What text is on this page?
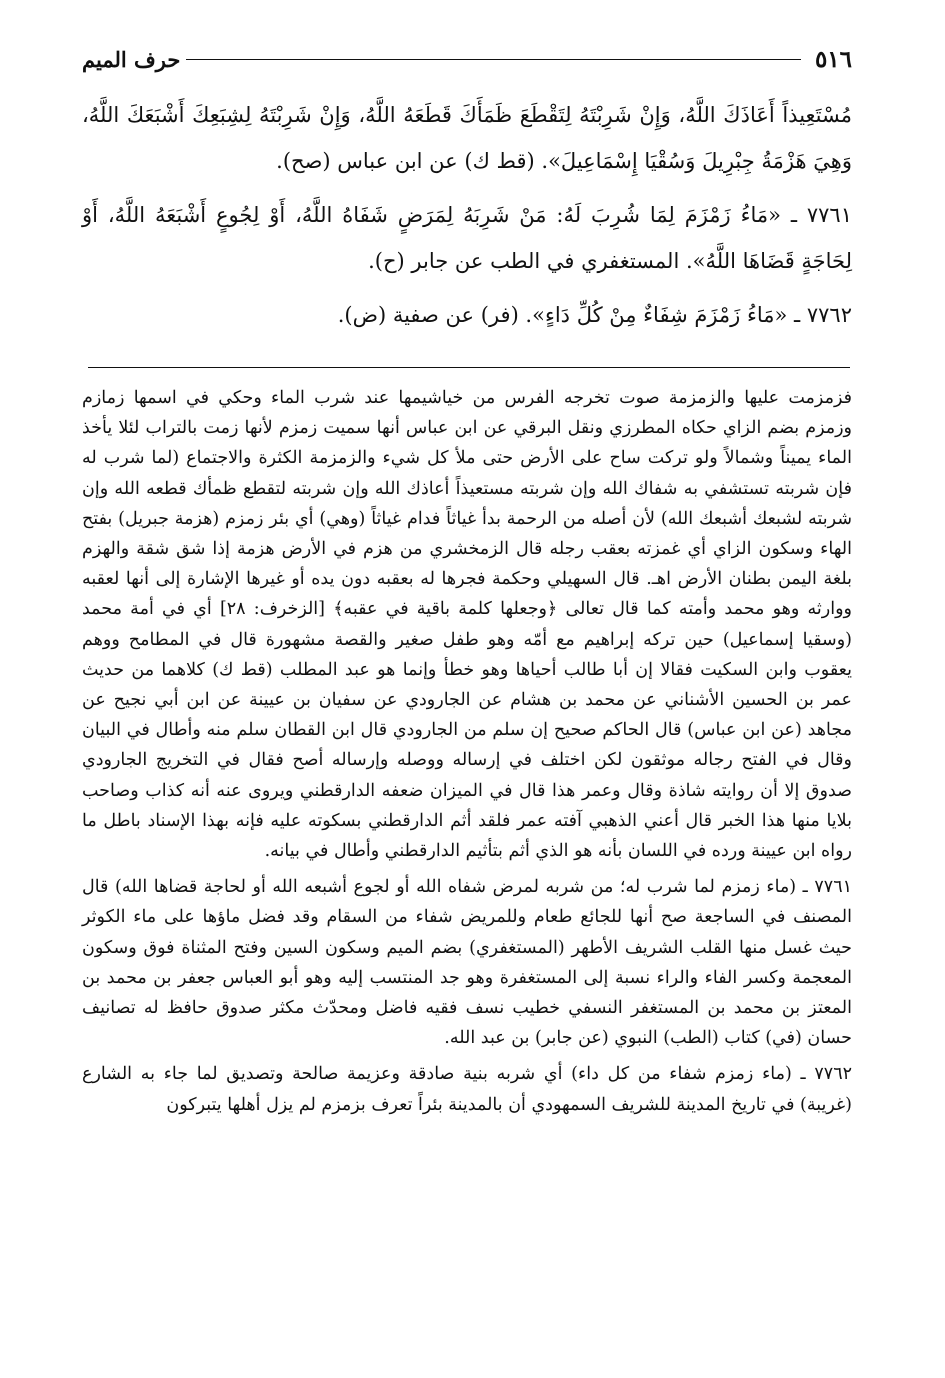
٥١٦
حرف الميم

مُسْتَعِيذاً أَعَاذَكَ اللَّهُ، وَإِنْ شَرِبْتَهُ لِتَقْطَعَ ظَمَأَكَ قَطَعَهُ اللَّهُ، وَإِنْ شَرِبْتَهُ لِشِبَعِكَ أَشْبَعَكَ اللَّهُ، وَهِيَ هَزْمَةُ جِبْرِيلَ وَسُقْيَا إِسْمَاعِيلَ». (قط ك) عن ابن عباس (صح).

٧٧٦١ ـ «مَاءُ زَمْزَمَ لِمَا شُرِبَ لَهُ: مَنْ شَرِبَهُ لِمَرَضٍ شَفَاهُ اللَّهُ، أَوْ لِجُوعٍ أَشْبَعَهُ اللَّهُ، أَوْ لِحَاجَةٍ قَضَاهَا اللَّهُ». المستغفري في الطب عن جابر (ح).

٧٧٦٢ ـ «مَاءُ زَمْزَمَ شِفَاءٌ مِنْ كُلِّ دَاءٍ». (فر) عن صفية (ض).

فزمزمت عليها والزمزمة صوت تخرجه الفرس من خياشيمها عند شرب الماء وحكي في اسمها زمازم وزمزم بضم الزاي حكاه المطرزي ونقل البرقي عن ابن عباس أنها سميت زمزم لأنها زمت بالتراب لئلا يأخذ الماء يميناً وشمالاً ولو تركت ساح على الأرض حتى ملأ كل شيء والزمزمة الكثرة والاجتماع (لما شرب له فإن شربته تستشفي به شفاك الله وإن شربته مستعيذاً أعاذك الله وإن شربته لتقطع ظمأك قطعه الله وإن شربته لشبعك أشبعك الله) لأن أصله من الرحمة بدأ غياثاً فدام غياثاً (وهي) أي بئر زمزم (هزمة جبريل) بفتح الهاء وسكون الزاي أي غمزته بعقب رجله قال الزمخشري من هزم في الأرض هزمة إذا شق شقة والهزم بلغة اليمن بطنان الأرض اهـ. قال السهيلي وحكمة فجرها له بعقبه دون يده أو غيرها الإشارة إلى أنها لعقبه ووارثه وهو محمد وأمته كما قال تعالى ﴿وجعلها كلمة باقية في عقبه﴾ [الزخرف: ٢٨] أي في أمة محمد (وسقيا إسماعيل) حين تركه إبراهيم مع أمّه وهو طفل صغير والقصة مشهورة قال في المطامح ووهم يعقوب وابن السكيت فقالا إن أبا طالب أحياها وهو خطأ وإنما هو عبد المطلب (قط ك) كلاهما من حديث عمر بن الحسين الأشناني عن محمد بن هشام عن الجارودي عن سفيان بن عيينة عن ابن أبي نجيح عن مجاهد (عن ابن عباس) قال الحاكم صحيح إن سلم من الجارودي قال ابن القطان سلم منه وأطال في البيان وقال في الفتح رجاله موثقون لكن اختلف في إرساله ووصله وإرساله أصح فقال في التخريج الجارودي صدوق إلا أن روايته شاذة وقال وعمر هذا قال في الميزان ضعفه الدارقطني ويروى عنه أنه كذاب وصاحب بلايا منها هذا الخبر قال أعني الذهبي آفته عمر فلقد أثم الدارقطني بسكوته عليه فإنه بهذا الإسناد باطل ما رواه ابن عيينة ورده في اللسان بأنه هو الذي أثم بتأثيم الدارقطني وأطال في بيانه.

٧٧٦١ ـ (ماء زمزم لما شرب له؛ من شربه لمرض شفاه الله أو لجوع أشبعه الله أو لحاجة قضاها الله) قال المصنف في الساجعة صح أنها للجائع طعام وللمريض شفاء من السقام وقد فضل ماؤها على ماء الكوثر حيث غسل منها القلب الشريف الأطهر (المستغفري) بضم الميم وسكون السين وفتح المثناة فوق وسكون المعجمة وكسر الفاء والراء نسبة إلى المستغفرة وهو جد المنتسب إليه وهو أبو العباس جعفر بن محمد بن المعتز بن محمد بن المستغفر النسفي خطيب نسف فقيه فاضل ومحدّث مكثر صدوق حافظ له تصانيف حسان (في) كتاب (الطب) النبوي (عن جابر) بن عبد الله.

٧٧٦٢ ـ (ماء زمزم شفاء من كل داء) أي شربه بنية صادقة وعزيمة صالحة وتصديق لما جاء به الشارع (غريبة) في تاريخ المدينة للشريف السمهودي أن بالمدينة بئراً تعرف بزمزم لم يزل أهلها يتبركون
